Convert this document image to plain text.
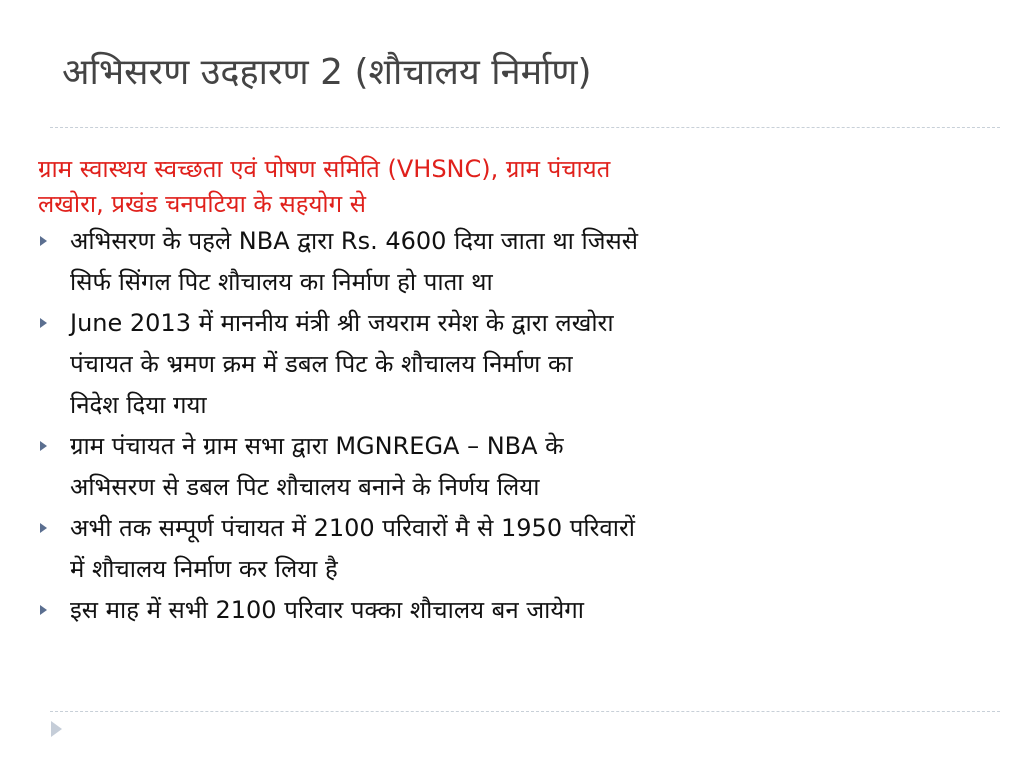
अभिसरण उदहारण 2 (शौचालय निर्माण)
ग्राम स्वास्थय स्वच्छता एवं पोषण समिति (VHSNC), ग्राम पंचायत
लखोरा, प्रखंड चनपटिया के सहयोग से
अभिसरण के पहले NBA द्वारा Rs. 4600 दिया जाता था जिससे
सिर्फ सिंगल पिट शौचालय का निर्माण हो पाता था
June 2013 में माननीय मंत्री श्री जयराम रमेश के द्वारा लखोरा
पंचायत के भ्रमण क्रम में डबल पिट के शौचालय निर्माण का
निदेश दिया गया
ग्राम पंचायत ने ग्राम सभा द्वारा MGNREGA – NBA के
अभिसरण से डबल पिट शौचालय बनाने के निर्णय लिया
अभी तक सम्पूर्ण पंचायत में 2100 परिवारों मै से 1950 परिवारों
में शौचालय निर्माण कर लिया है
इस माह में सभी 2100 परिवार पक्का शौचालय बन जायेगा
